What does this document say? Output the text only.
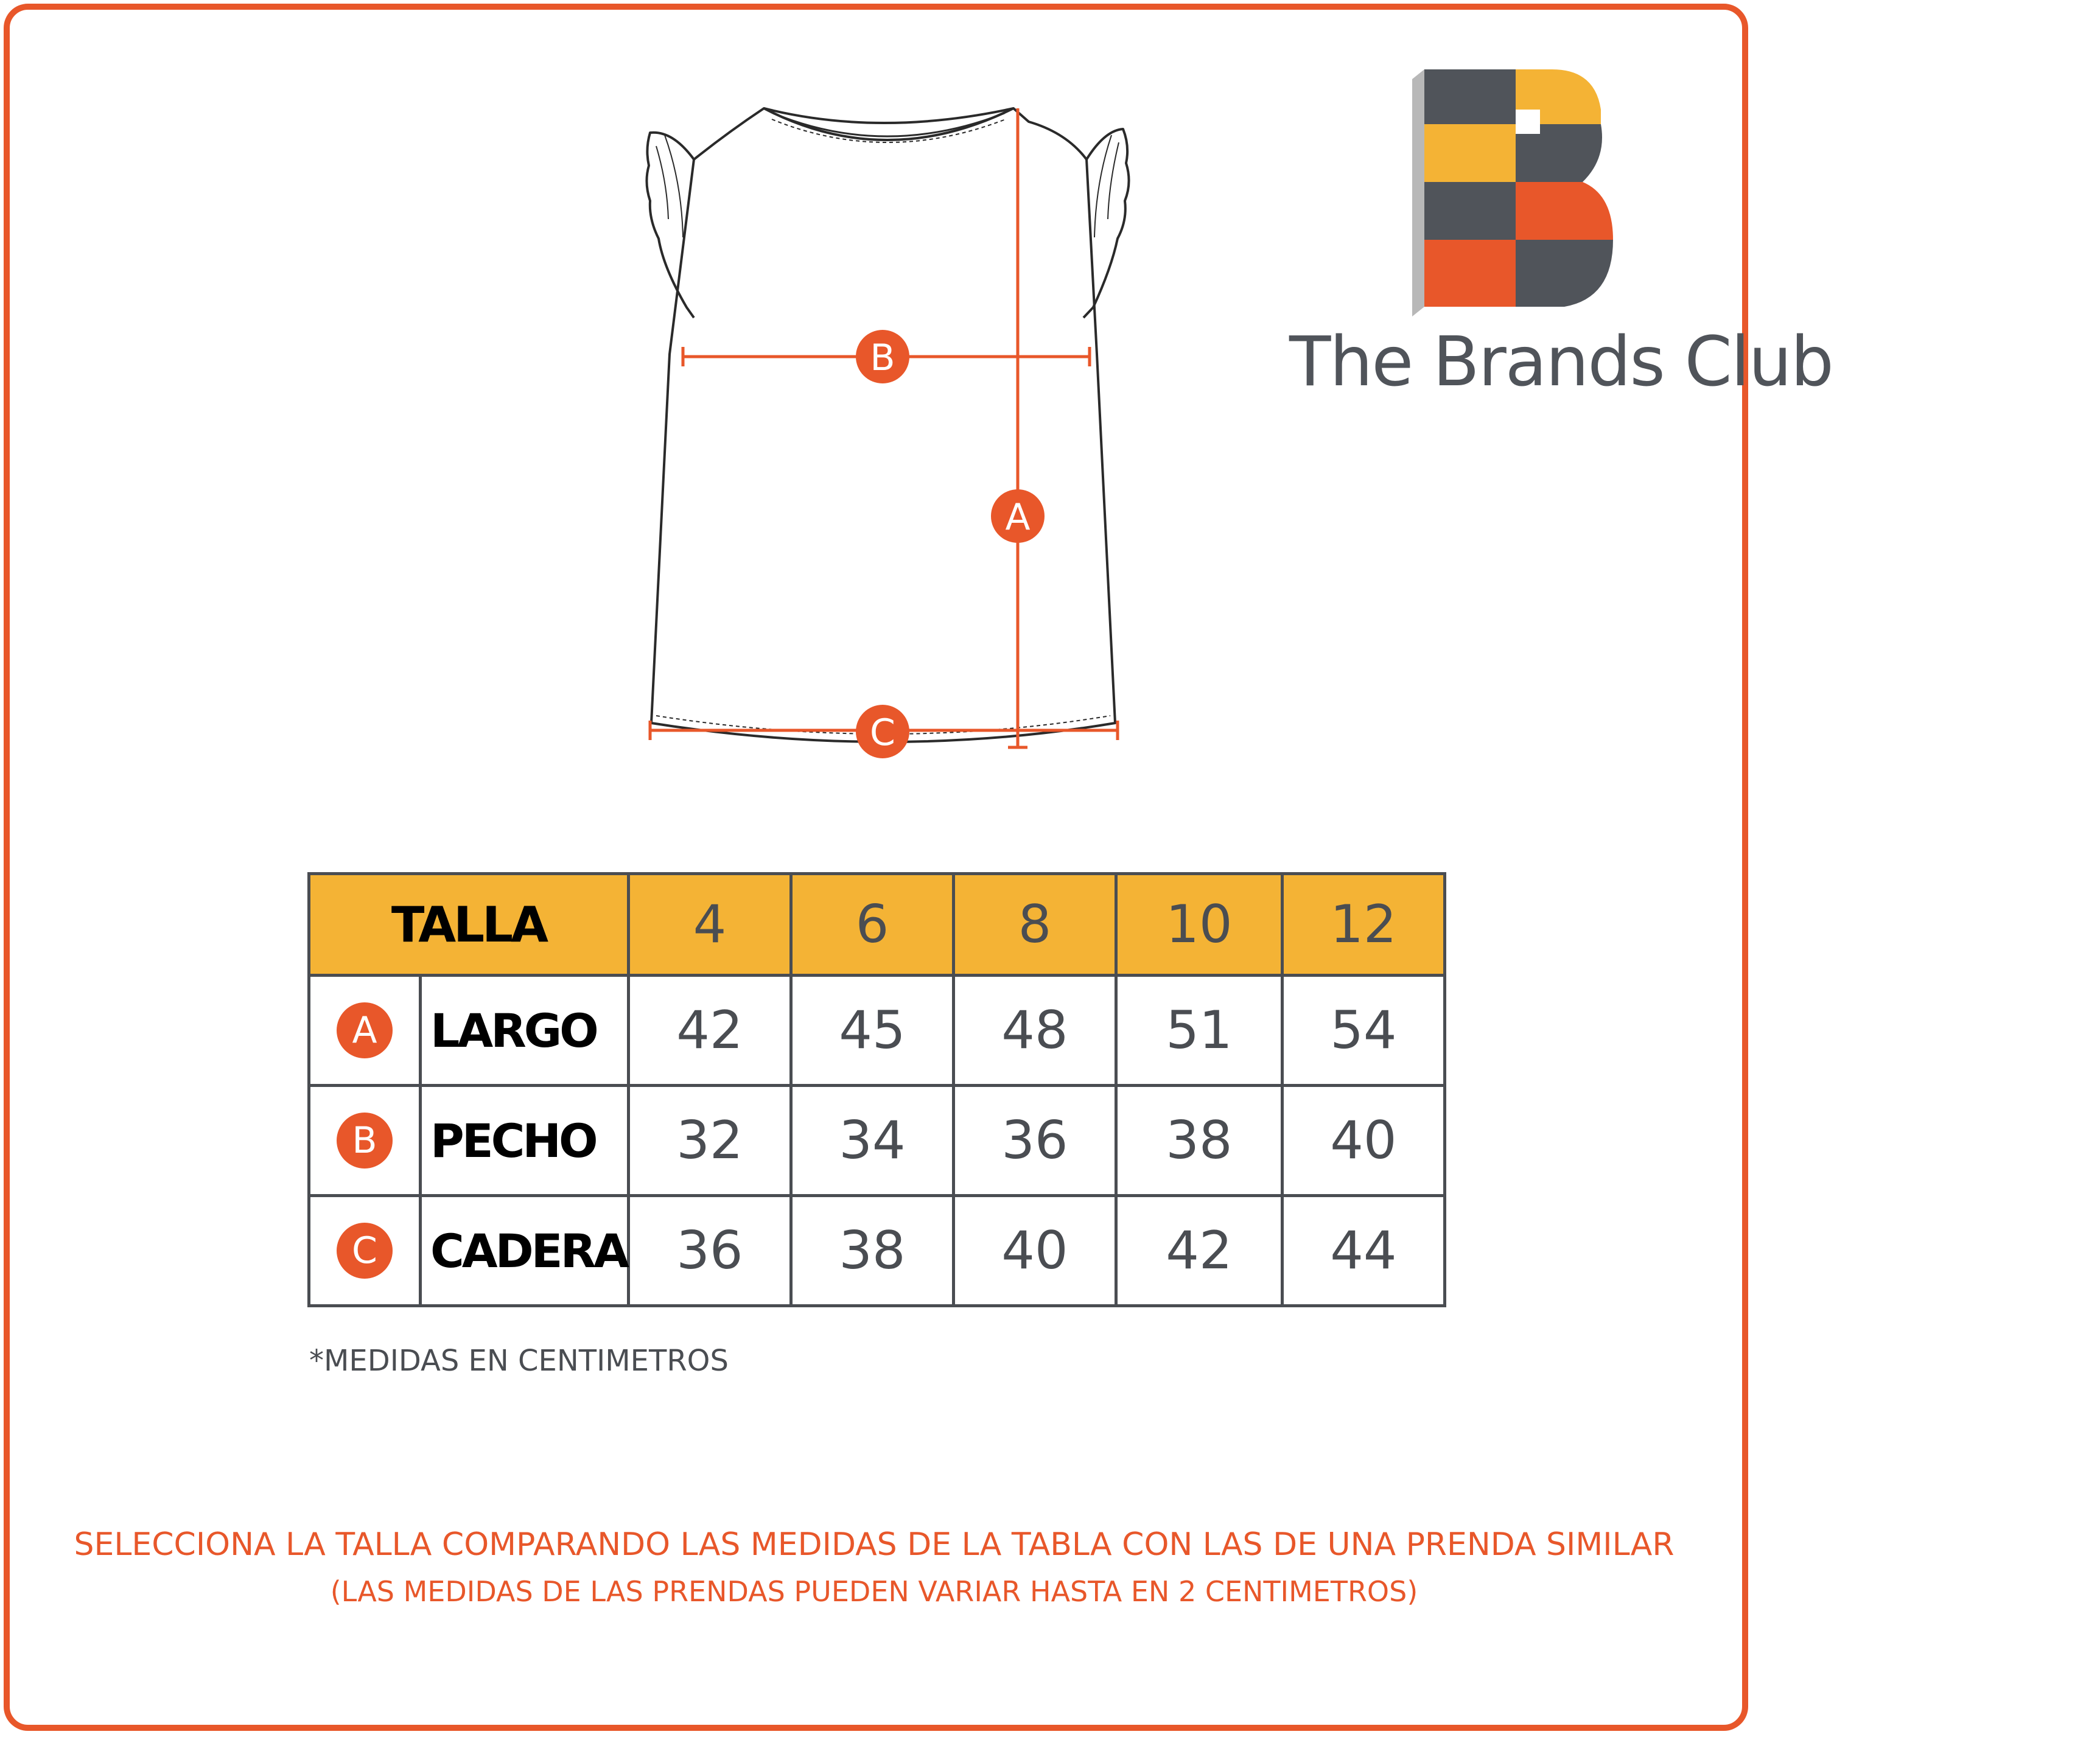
B
A
C
The Brands Club
TALLA		4	6	8	10	12
A	LARGO	42	45	48	51	54
B	PECHO	32	34	36	38	40
C	CADERA	36	38	40	42	44
*MEDIDAS EN CENTIMETROS
SELECCIONA LA TALLA COMPARANDO LAS MEDIDAS DE LA TABLA CON LAS DE UNA PRENDA SIMILAR
(LAS MEDIDAS DE LAS PRENDAS PUEDEN VARIAR HASTA EN 2 CENTIMETROS)
